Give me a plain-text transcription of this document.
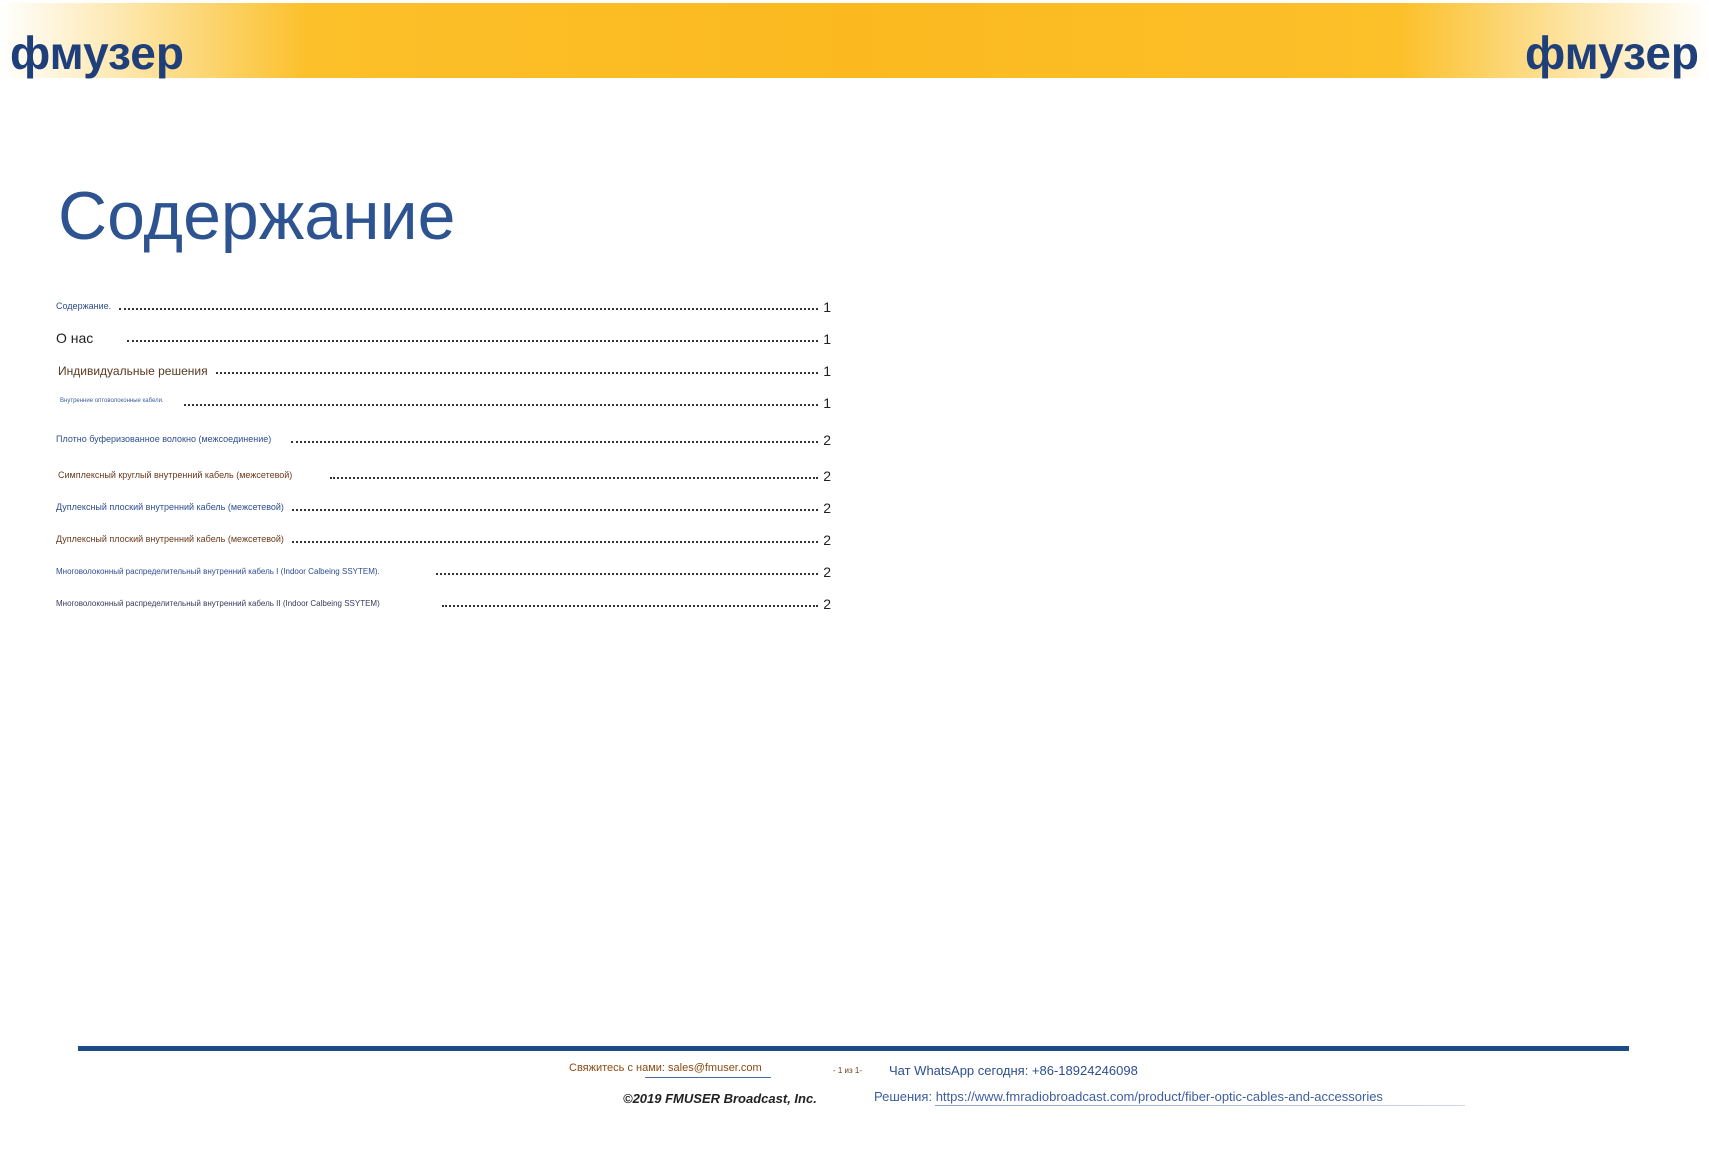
фмузер	фмузер
Содержание
Содержание.	1
О нас	1
Индивидуальные решения	1
Внутренние оптоволоконные кабели.	1
Плотно буферизованное волокно (межсоединение)	2
Симплексный круглый внутренний кабель (межсетевой)	2
Дуплексный плоский внутренний кабель (межсетевой)	2
Дуплексный плоский внутренний кабель (межсетевой)	2
Многоволоконный распределительный внутренний кабель I (Indoor Calbeing SSYTEM).	2
Многоволоконный распределительный внутренний кабель II (Indoor Calbeing SSYTEM)	2
Свяжитесь с нами: sales@fmuser.com	- 1 из 1- Чат WhatsApp сегодня: +86-18924246098
©2019 FMUSER Broadcast, Inc.	Решения: https://www.fmradiobroadcast.com/product/fiber-optic-cables-and-accessories
